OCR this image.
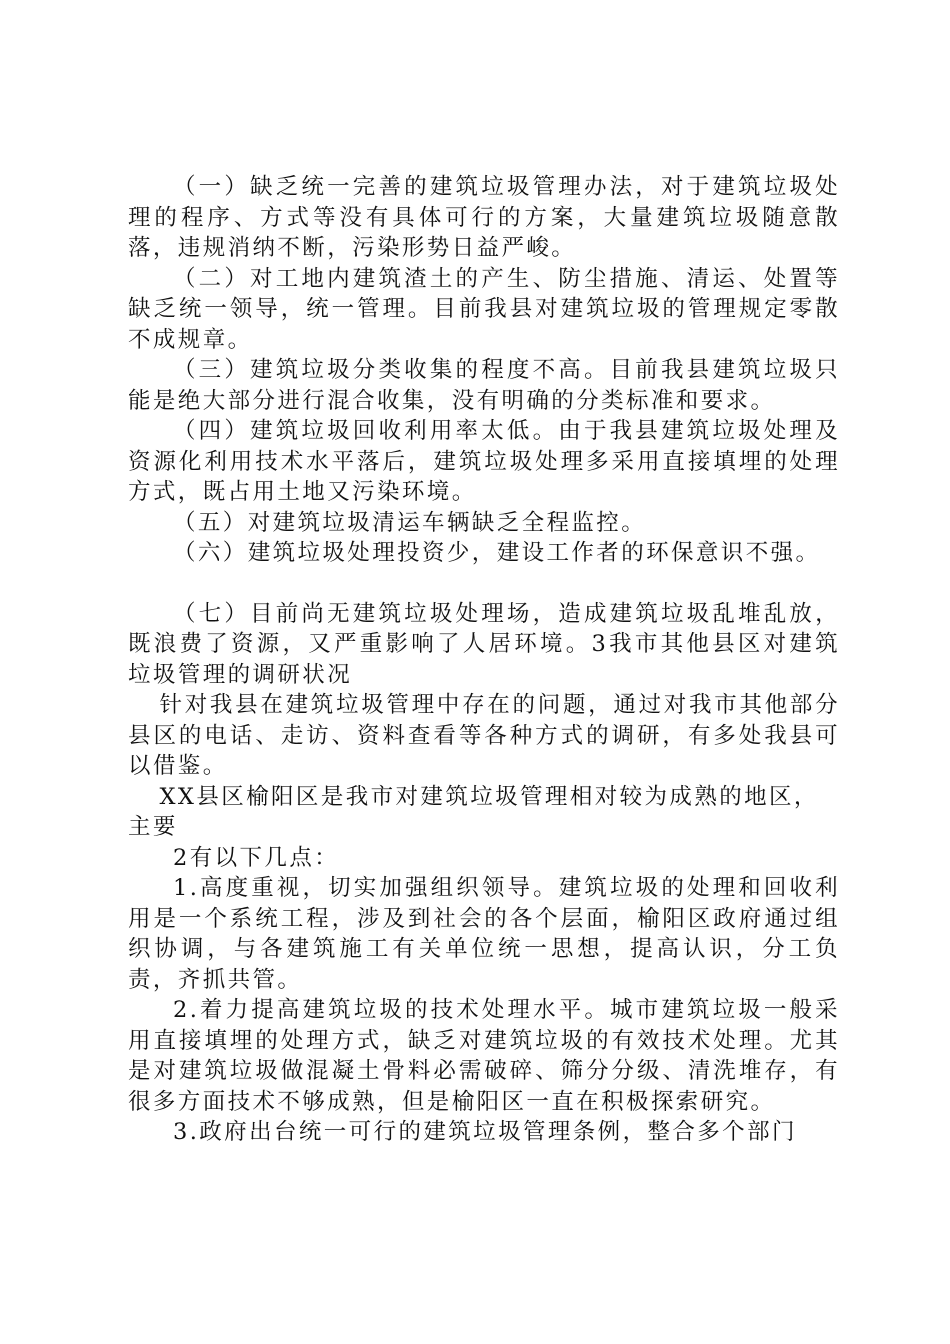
（一）缺乏统一完善的建筑垃圾管理办法，对于建筑垃圾处理的程序、方式等没有具体可行的方案，大量建筑垃圾随意散落，违规消纳不断，污染形势日益严峻。

（二）对工地内建筑渣土的产生、防尘措施、清运、处置等缺乏统一领导，统一管理。目前我县对建筑垃圾的管理规定零散不成规章。

（三）建筑垃圾分类收集的程度不高。目前我县建筑垃圾只能是绝大部分进行混合收集，没有明确的分类标准和要求。

（四）建筑垃圾回收利用率太低。由于我县建筑垃圾处理及资源化利用技术水平落后，建筑垃圾处理多采用直接填埋的处理方式，既占用土地又污染环境。

（五）对建筑垃圾清运车辆缺乏全程监控。

（六）建筑垃圾处理投资少，建设工作者的环保意识不强。

（七）目前尚无建筑垃圾处理场，造成建筑垃圾乱堆乱放，既浪费了资源，又严重影响了人居环境。3我市其他县区对建筑垃圾管理的调研状况

针对我县在建筑垃圾管理中存在的问题，通过对我市其他部分县区的电话、走访、资料查看等各种方式的调研，有多处我县可以借鉴。

XX县区榆阳区是我市对建筑垃圾管理相对较为成熟的地区，主要

2有以下几点：

1.高度重视，切实加强组织领导。建筑垃圾的处理和回收利用是一个系统工程，涉及到社会的各个层面，榆阳区政府通过组织协调，与各建筑施工有关单位统一思想，提高认识，分工负责，齐抓共管。

2.着力提高建筑垃圾的技术处理水平。城市建筑垃圾一般采用直接填埋的处理方式，缺乏对建筑垃圾的有效技术处理。尤其是对建筑垃圾做混凝土骨料必需破碎、筛分分级、清洗堆存，有很多方面技术不够成熟，但是榆阳区一直在积极探索研究。

3.政府出台统一可行的建筑垃圾管理条例，整合多个部门
